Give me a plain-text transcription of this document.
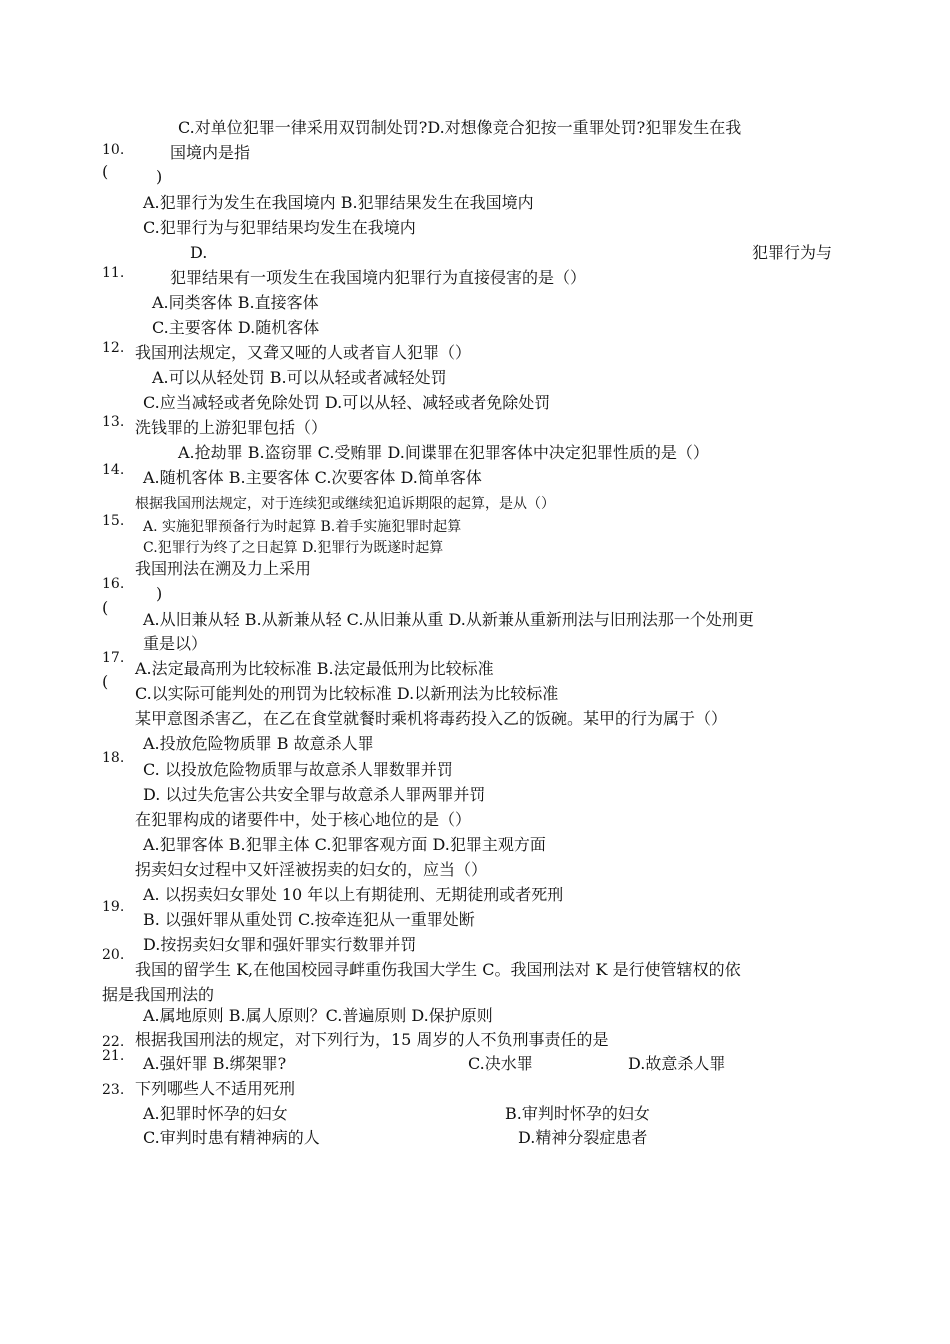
10.
(
11.
12.
13.
14.
15.
16.
(
17.
(
18.
19.
20.
22.
21.
23.
C.对单位犯罪一律采用双罚制处罚?D.对想像竞合犯按一重罪处罚?犯罪发生在我
国境内是指
)
A.犯罪行为发生在我国境内 B.犯罪结果发生在我国境内
C.犯罪行为与犯罪结果均发生在我境内
D.	犯罪行为与
犯罪结果有一项发生在我国境内犯罪行为直接侵害的是（）
A.同类客体 B.直接客体
C.主要客体 D.随机客体
我国刑法规定，又聋又哑的人或者盲人犯罪（）
A.可以从轻处罚 B.可以从轻或者减轻处罚
C.应当减轻或者免除处罚 D.可以从轻、减轻或者免除处罚
洗钱罪的上游犯罪包括（）
A.抢劫罪 B.盗窃罪 C.受贿罪 D.间谍罪在犯罪客体中决定犯罪性质的是（）
A.随机客体 B.主要客体 C.次要客体 D.简单客体
根据我国刑法规定，对于连续犯或继续犯追诉期限的起算，是从（）
A. 实施犯罪预备行为时起算 B.着手实施犯罪时起算
C.犯罪行为终了之日起算 D.犯罪行为既遂时起算
我国刑法在溯及力上采用
)
A.从旧兼从轻 B.从新兼从轻 C.从旧兼从重 D.从新兼从重新刑法与旧刑法那一个处刑更
重是以）
A.法定最高刑为比较标准 B.法定最低刑为比较标准
C.以实际可能判处的刑罚为比较标准 D.以新刑法为比较标准
某甲意图杀害乙，在乙在食堂就餐时乘机将毒药投入乙的饭碗。某甲的行为属于（）
A.投放危险物质罪 B 故意杀人罪
C. 以投放危险物质罪与故意杀人罪数罪并罚
D. 以过失危害公共安全罪与故意杀人罪两罪并罚
在犯罪构成的诸要件中，处于核心地位的是（）
A.犯罪客体 B.犯罪主体 C.犯罪客观方面 D.犯罪主观方面
拐卖妇女过程中又奸淫被拐卖的妇女的，应当（）
A. 以拐卖妇女罪处 10 年以上有期徒刑、无期徒刑或者死刑
B. 以强奸罪从重处罚 C.按牵连犯从一重罪处断
D.按拐卖妇女罪和强奸罪实行数罪并罚
我国的留学生 K,在他国校园寻衅重伤我国大学生 C。我国刑法对 K 是行使管辖权的依
据是我国刑法的
A.属地原则 B.属人原则？C.普遍原则 D.保护原则
根据我国刑法的规定，对下列行为，15 周岁的人不负刑事责任的是
A.强奸罪 B.绑架罪?	C.决水罪	D.故意杀人罪
下列哪些人不适用死刑
A.犯罪时怀孕的妇女	B.审判时怀孕的妇女
C.审判时患有精神病的人	D.精神分裂症患者
